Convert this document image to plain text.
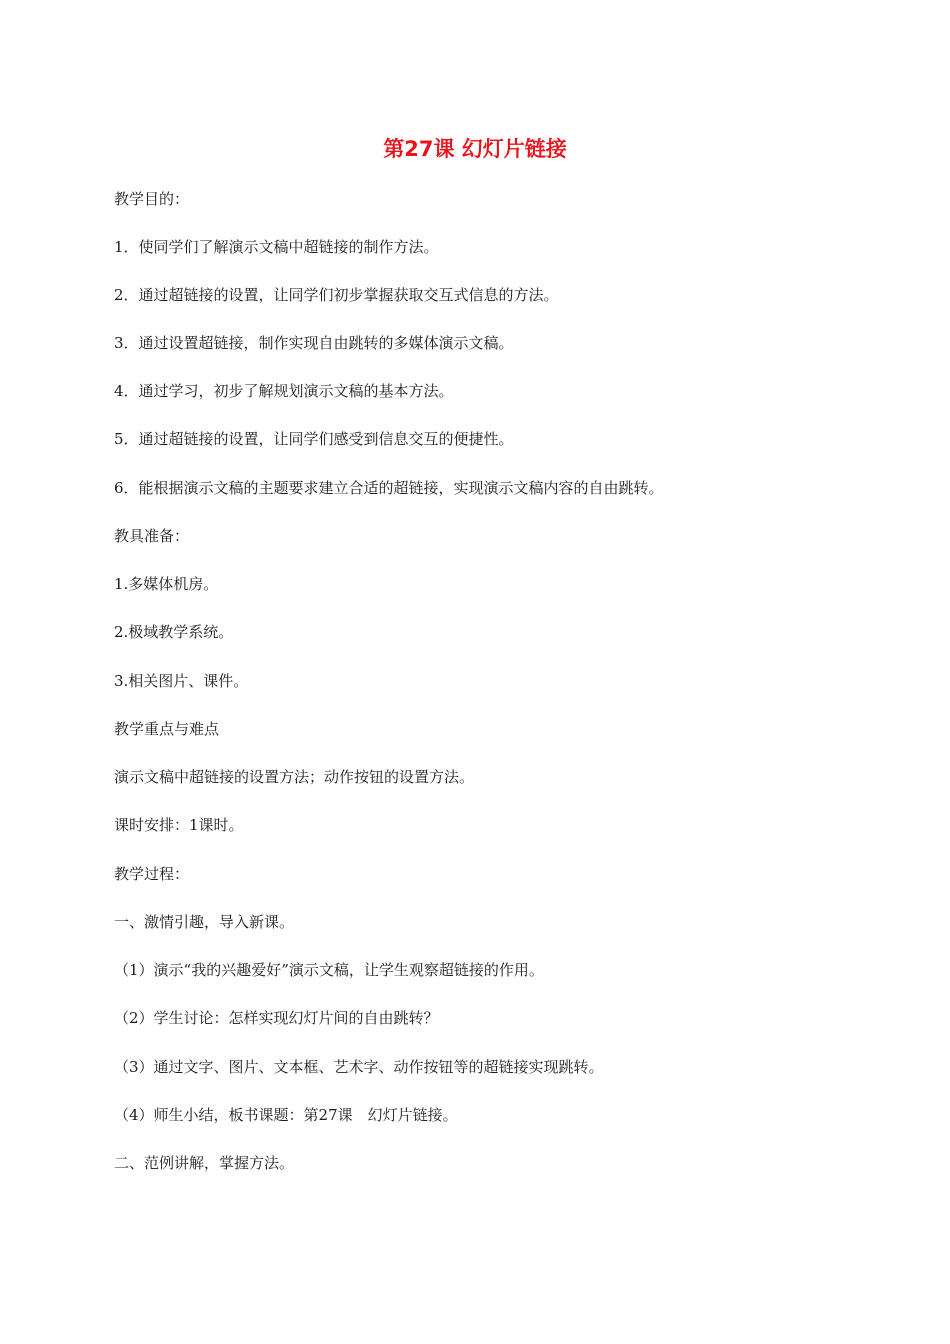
第27课 幻灯片链接

教学目的：

1．使同学们了解演示文稿中超链接的制作方法。

2．通过超链接的设置，让同学们初步掌握获取交互式信息的方法。

3．通过设置超链接，制作实现自由跳转的多媒体演示文稿。

4．通过学习，初步了解规划演示文稿的基本方法。

5．通过超链接的设置，让同学们感受到信息交互的便捷性。

6．能根据演示文稿的主题要求建立合适的超链接，实现演示文稿内容的自由跳转。

教具准备：

1.多媒体机房。

2.极域教学系统。

3.相关图片、课件。

教学重点与难点

演示文稿中超链接的设置方法；动作按钮的设置方法。

课时安排：1课时。

教学过程：

一、激情引趣，导入新课。

（1）演示“我的兴趣爱好”演示文稿，让学生观察超链接的作用。

（2）学生讨论：怎样实现幻灯片间的自由跳转？

（3）通过文字、图片、文本框、艺术字、动作按钮等的超链接实现跳转。

（4）师生小结，板书课题：第27课　幻灯片链接。

二、范例讲解，掌握方法。
